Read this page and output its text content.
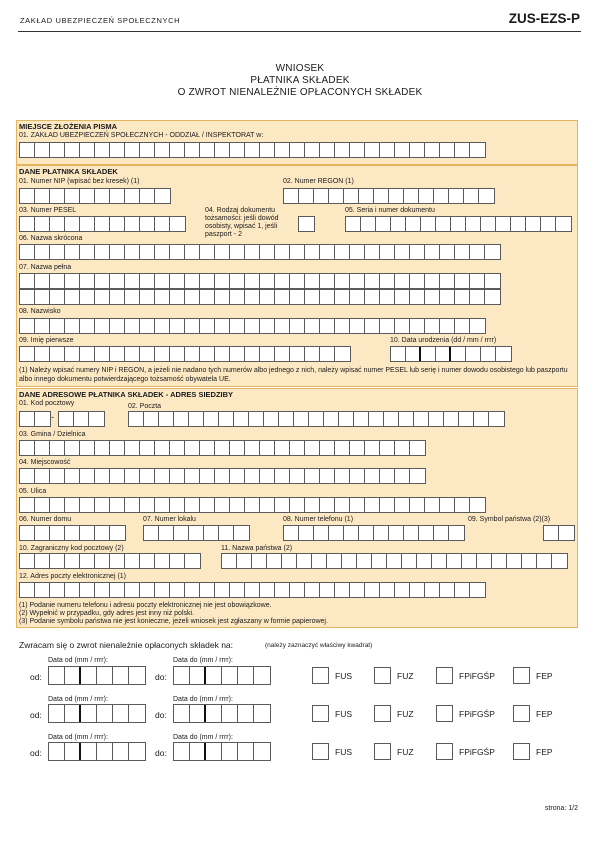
ZAKŁAD UBEZPIECZEŃ SPOŁECZNYCH	ZUS-EZS-P
WNIOSEK
PŁATNIKA SKŁADEK
O ZWROT NIENALEŻNIE OPŁACONYCH SKŁADEK
MIEJSCE ZŁOŻENIA PISMA
01. ZAKŁAD UBEZPIECZEŃ SPOŁECZNYCH - ODDZIAŁ / INSPEKTORAT w:
DANE PŁATNIKA SKŁADEK
01. Numer NIP (wpisać bez kresek) (1)	02. Numer REGON (1)
03. Numer PESEL	04. Rodzaj dokumentu tożsamości: jeśli dowód osobisty, wpisać 1, jeśli paszport - 2
05. Seria i numer dokumentu
06. Nazwa skrócona
07. Nazwa pełna
08. Nazwisko
09. Imię pierwsze	10. Data urodzenia (dd / mm / rrrr)
(1) Należy wpisać numery NIP i REGON, a jeżeli nie nadano tych numerów albo jednego z nich, należy wpisać numer PESEL lub serię i numer dowodu osobistego lub paszportu albo innego dokumentu potwierdzającego tożsamość obywatela UE.
DANE ADRESOWE PŁATNIKA SKŁADEK - ADRES SIEDZIBY
01. Kod pocztowy
-
02. Poczta
03. Gmina / Dzielnica
04. Miejscowość
05. Ulica
06. Numer domu	07. Numer lokalu	08. Numer telefonu (1)	09. Symbol państwa (2)(3)
10. Zagraniczny kod pocztowy (2)	11. Nazwa państwa (2)
12. Adres poczty elektronicznej (1)
(1) Podanie numeru telefonu i adresu poczty elektronicznej nie jest obowiązkowe.
(2) Wypełnić w przypadku, gdy adres jest inny niż polski.
(3) Podanie symbolu państwa nie jest konieczne, jeżeli wniosek jest zgłaszany w formie papierowej.
Zwracam się o zwrot nienależnie opłaconych składek na:	(należy zaznaczyć właściwy kwadrat)
Data od (mm / rrrr):
od:
Data do (mm / rrrr):
do:	FUS	FUZ	FPiFGŚP	FEP
Data od (mm / rrrr):
od:
Data do (mm / rrrr):
do:	FUS	FUZ	FPiFGŚP	FEP
Data od (mm / rrrr):
od:
Data do (mm / rrrr):
do:	FUS	FUZ	FPiFGŚP	FEP
strona: 1/2
